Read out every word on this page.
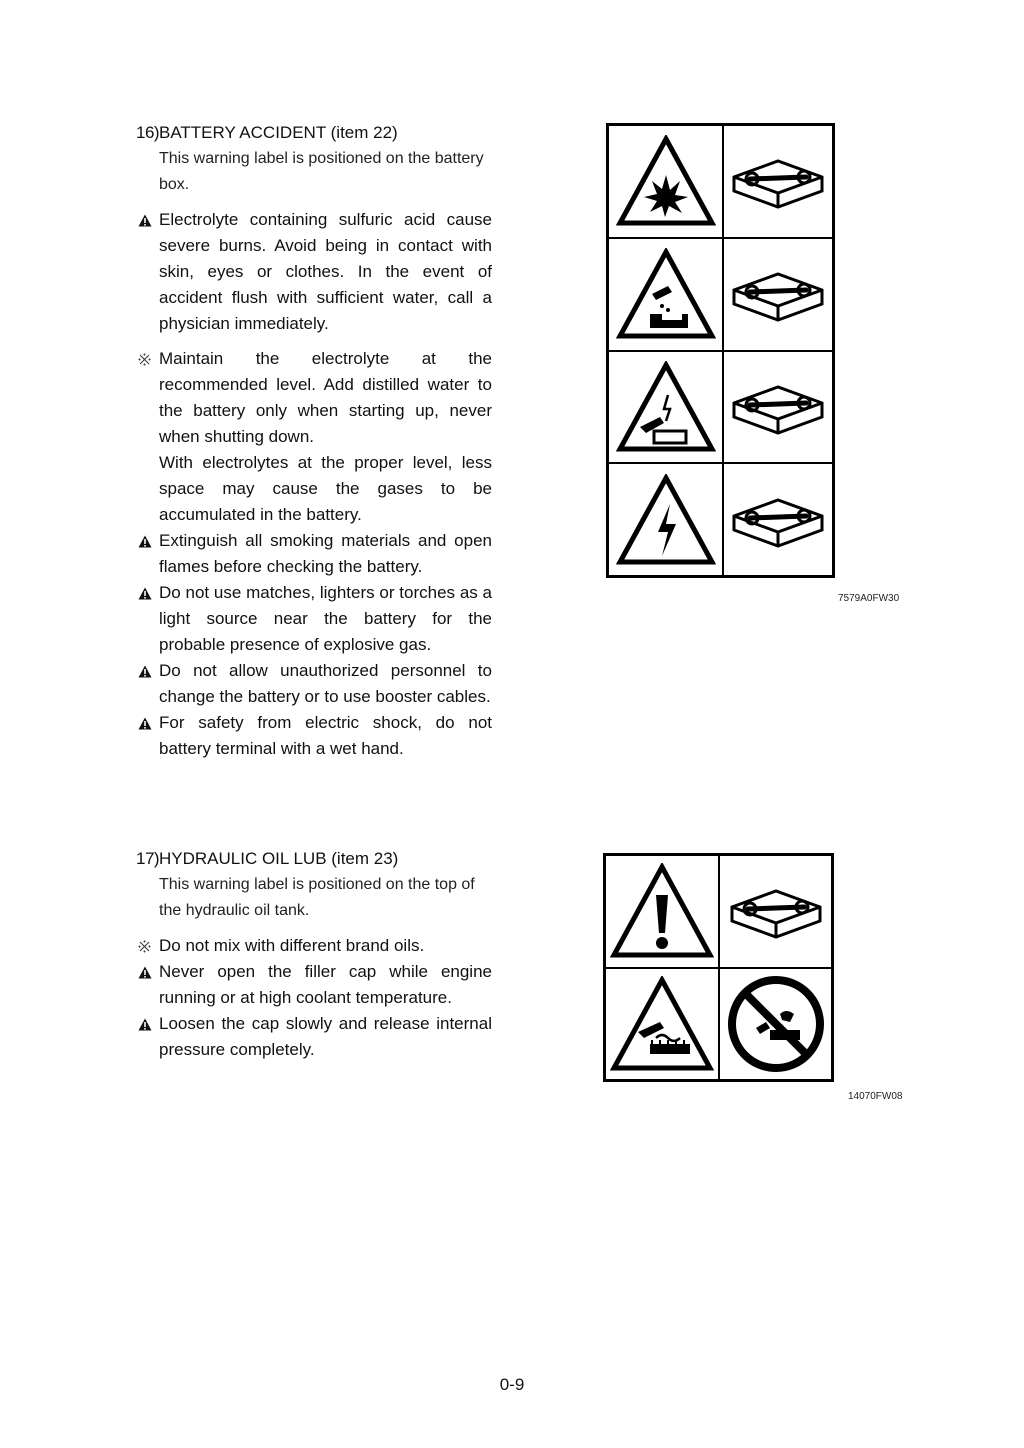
16)BATTERY ACCIDENT (item 22)
This warning label is positioned on the battery box.
Electrolyte containing sulfuric acid cause severe burns. Avoid being in contact with skin, eyes or clothes. In the event of accident flush with sufficient water, call a physician immediately.
Maintain the electrolyte at the recommended level. Add distilled water to the battery only when starting up, never when shutting down.
With electrolytes at the proper level, less space may cause the gases to be accumulated in the battery.
Extinguish all smoking materials and open flames before checking the battery.
Do not use matches, lighters or torches as a light source near the battery for the probable presence of explosive gas.
Do not allow unauthorized personnel to change the battery or to use booster cables.
For safety from electric shock, do not battery terminal with a wet hand.
7579A0FW30
17)HYDRAULIC OIL LUB (item 23)
This warning label is positioned on the top of the hydraulic oil tank.
Do not mix with different brand oils.
Never open the filler cap while engine running or at high coolant temperature.
Loosen the cap slowly and release internal pressure completely.
14070FW08
0-9
